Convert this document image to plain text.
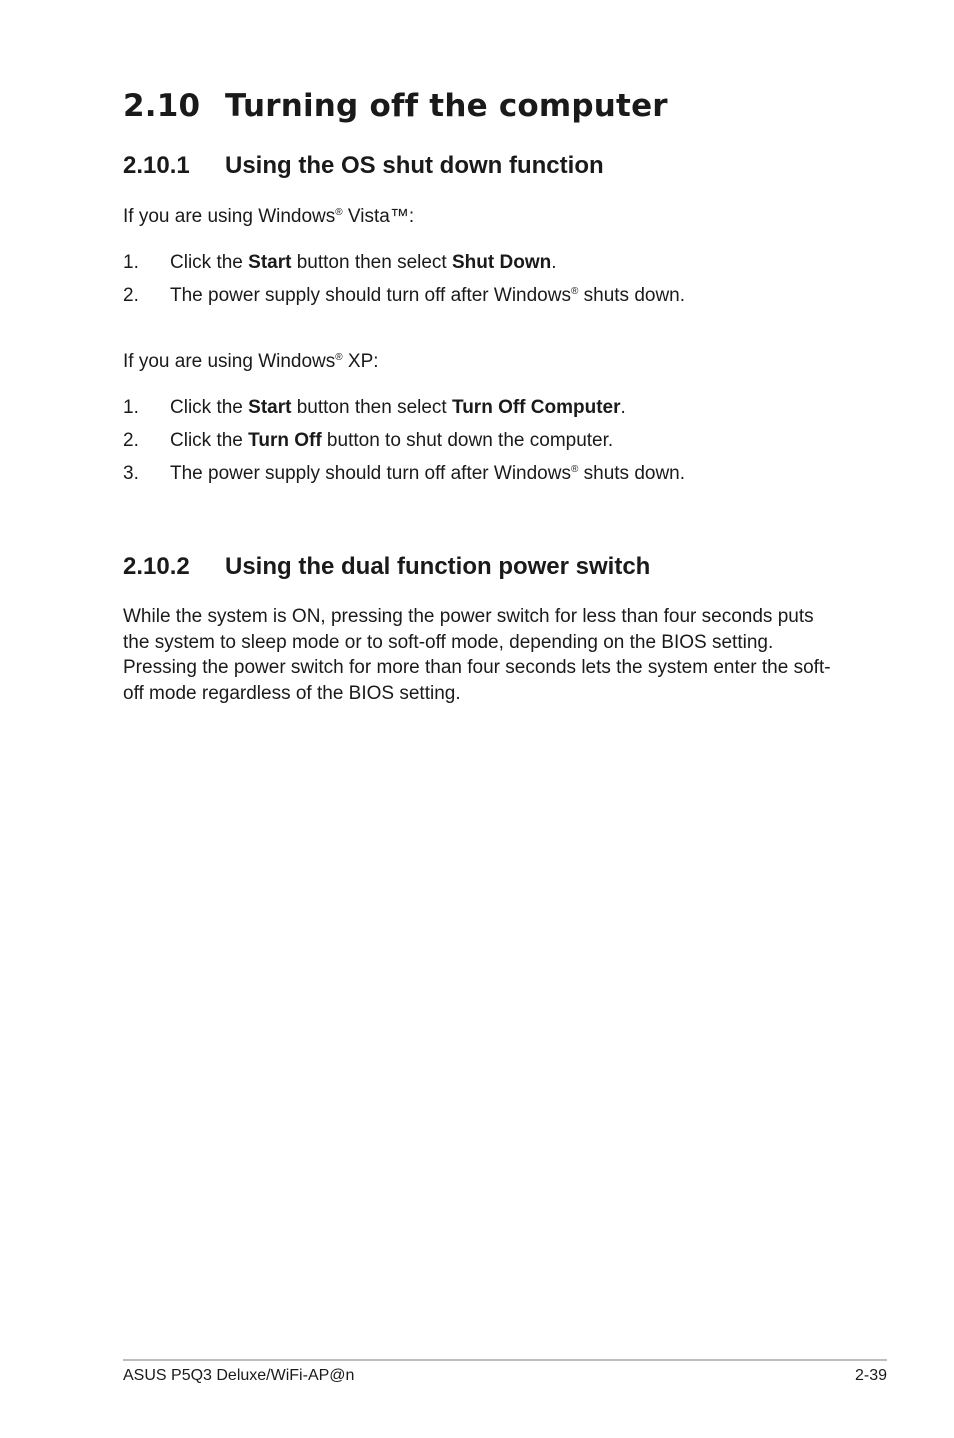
2.10 Turning off the computer
2.10.1 Using the OS shut down function

If you are using Windows® Vista™:

1. Click the Start button then select Shut Down.

2. The power supply should turn off after Windows® shuts down.

If you are using Windows® XP:

1. Click the Start button then select Turn Off Computer.

2. Click the Turn Off button to shut down the computer.

3. The power supply should turn off after Windows® shuts down.

2.10.2 Using the dual function power switch

While the system is ON, pressing the power switch for less than four seconds puts the system to sleep mode or to soft-off mode, depending on the BIOS setting. Pressing the power switch for more than four seconds lets the system enter the soft-off mode regardless of the BIOS setting.

ASUS P5Q3 Deluxe/WiFi-AP@n	2-39
